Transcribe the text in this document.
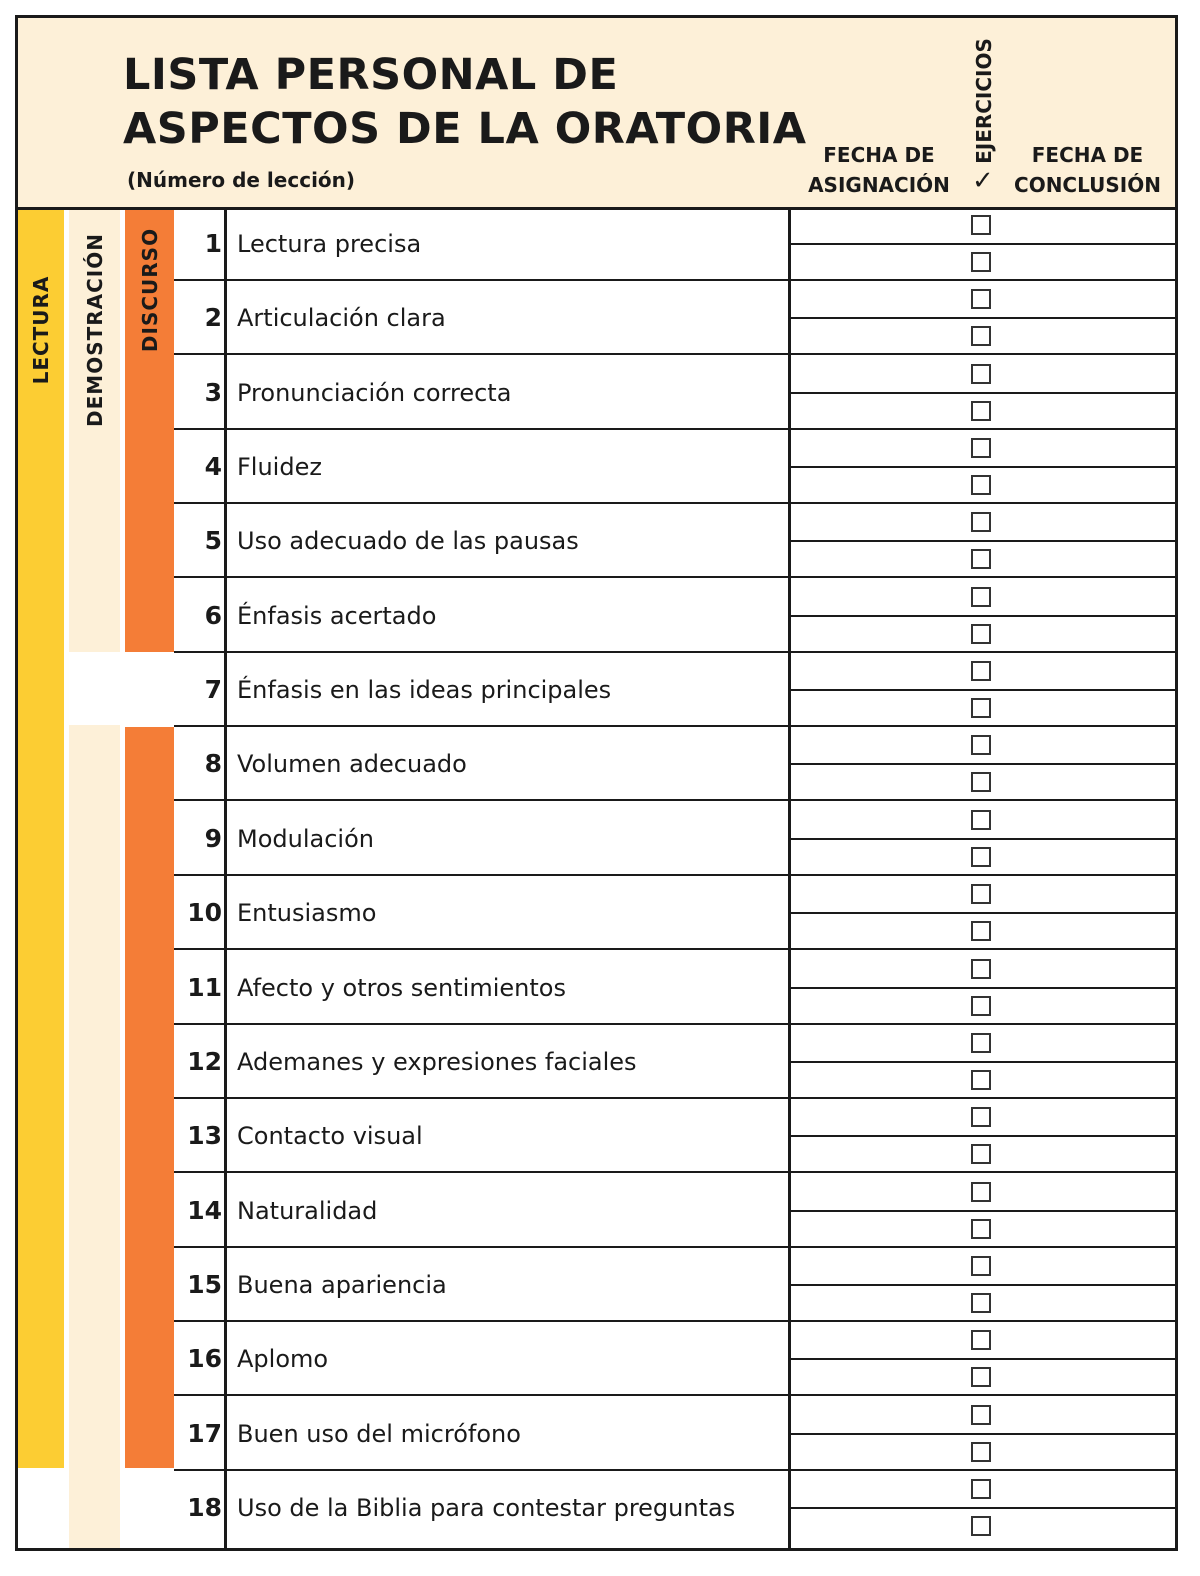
LISTA PERSONAL DE ASPECTOS DE LA ORATORIA
(Número de lección)
FECHA DE ASIGNACIÓN
EJERCICIOS
✓
FECHA DE CONCLUSIÓN
LECTURA DEMOSTRACIÓN DISCURSO	1 Lectura precisa
2 Articulación clara
3 Pronunciación correcta
4 Fluidez
5 Uso adecuado de las pausas
6 Énfasis acertado
7 Énfasis en las ideas principales
8 Volumen adecuado
9 Modulación
10 Entusiasmo
11 Afecto y otros sentimientos
12 Ademanes y expresiones faciales
13 Contacto visual
14 Naturalidad
15 Buena apariencia
16 Aplomo
17 Buen uso del micrófono
18 Uso de la Biblia para contestar preguntas
